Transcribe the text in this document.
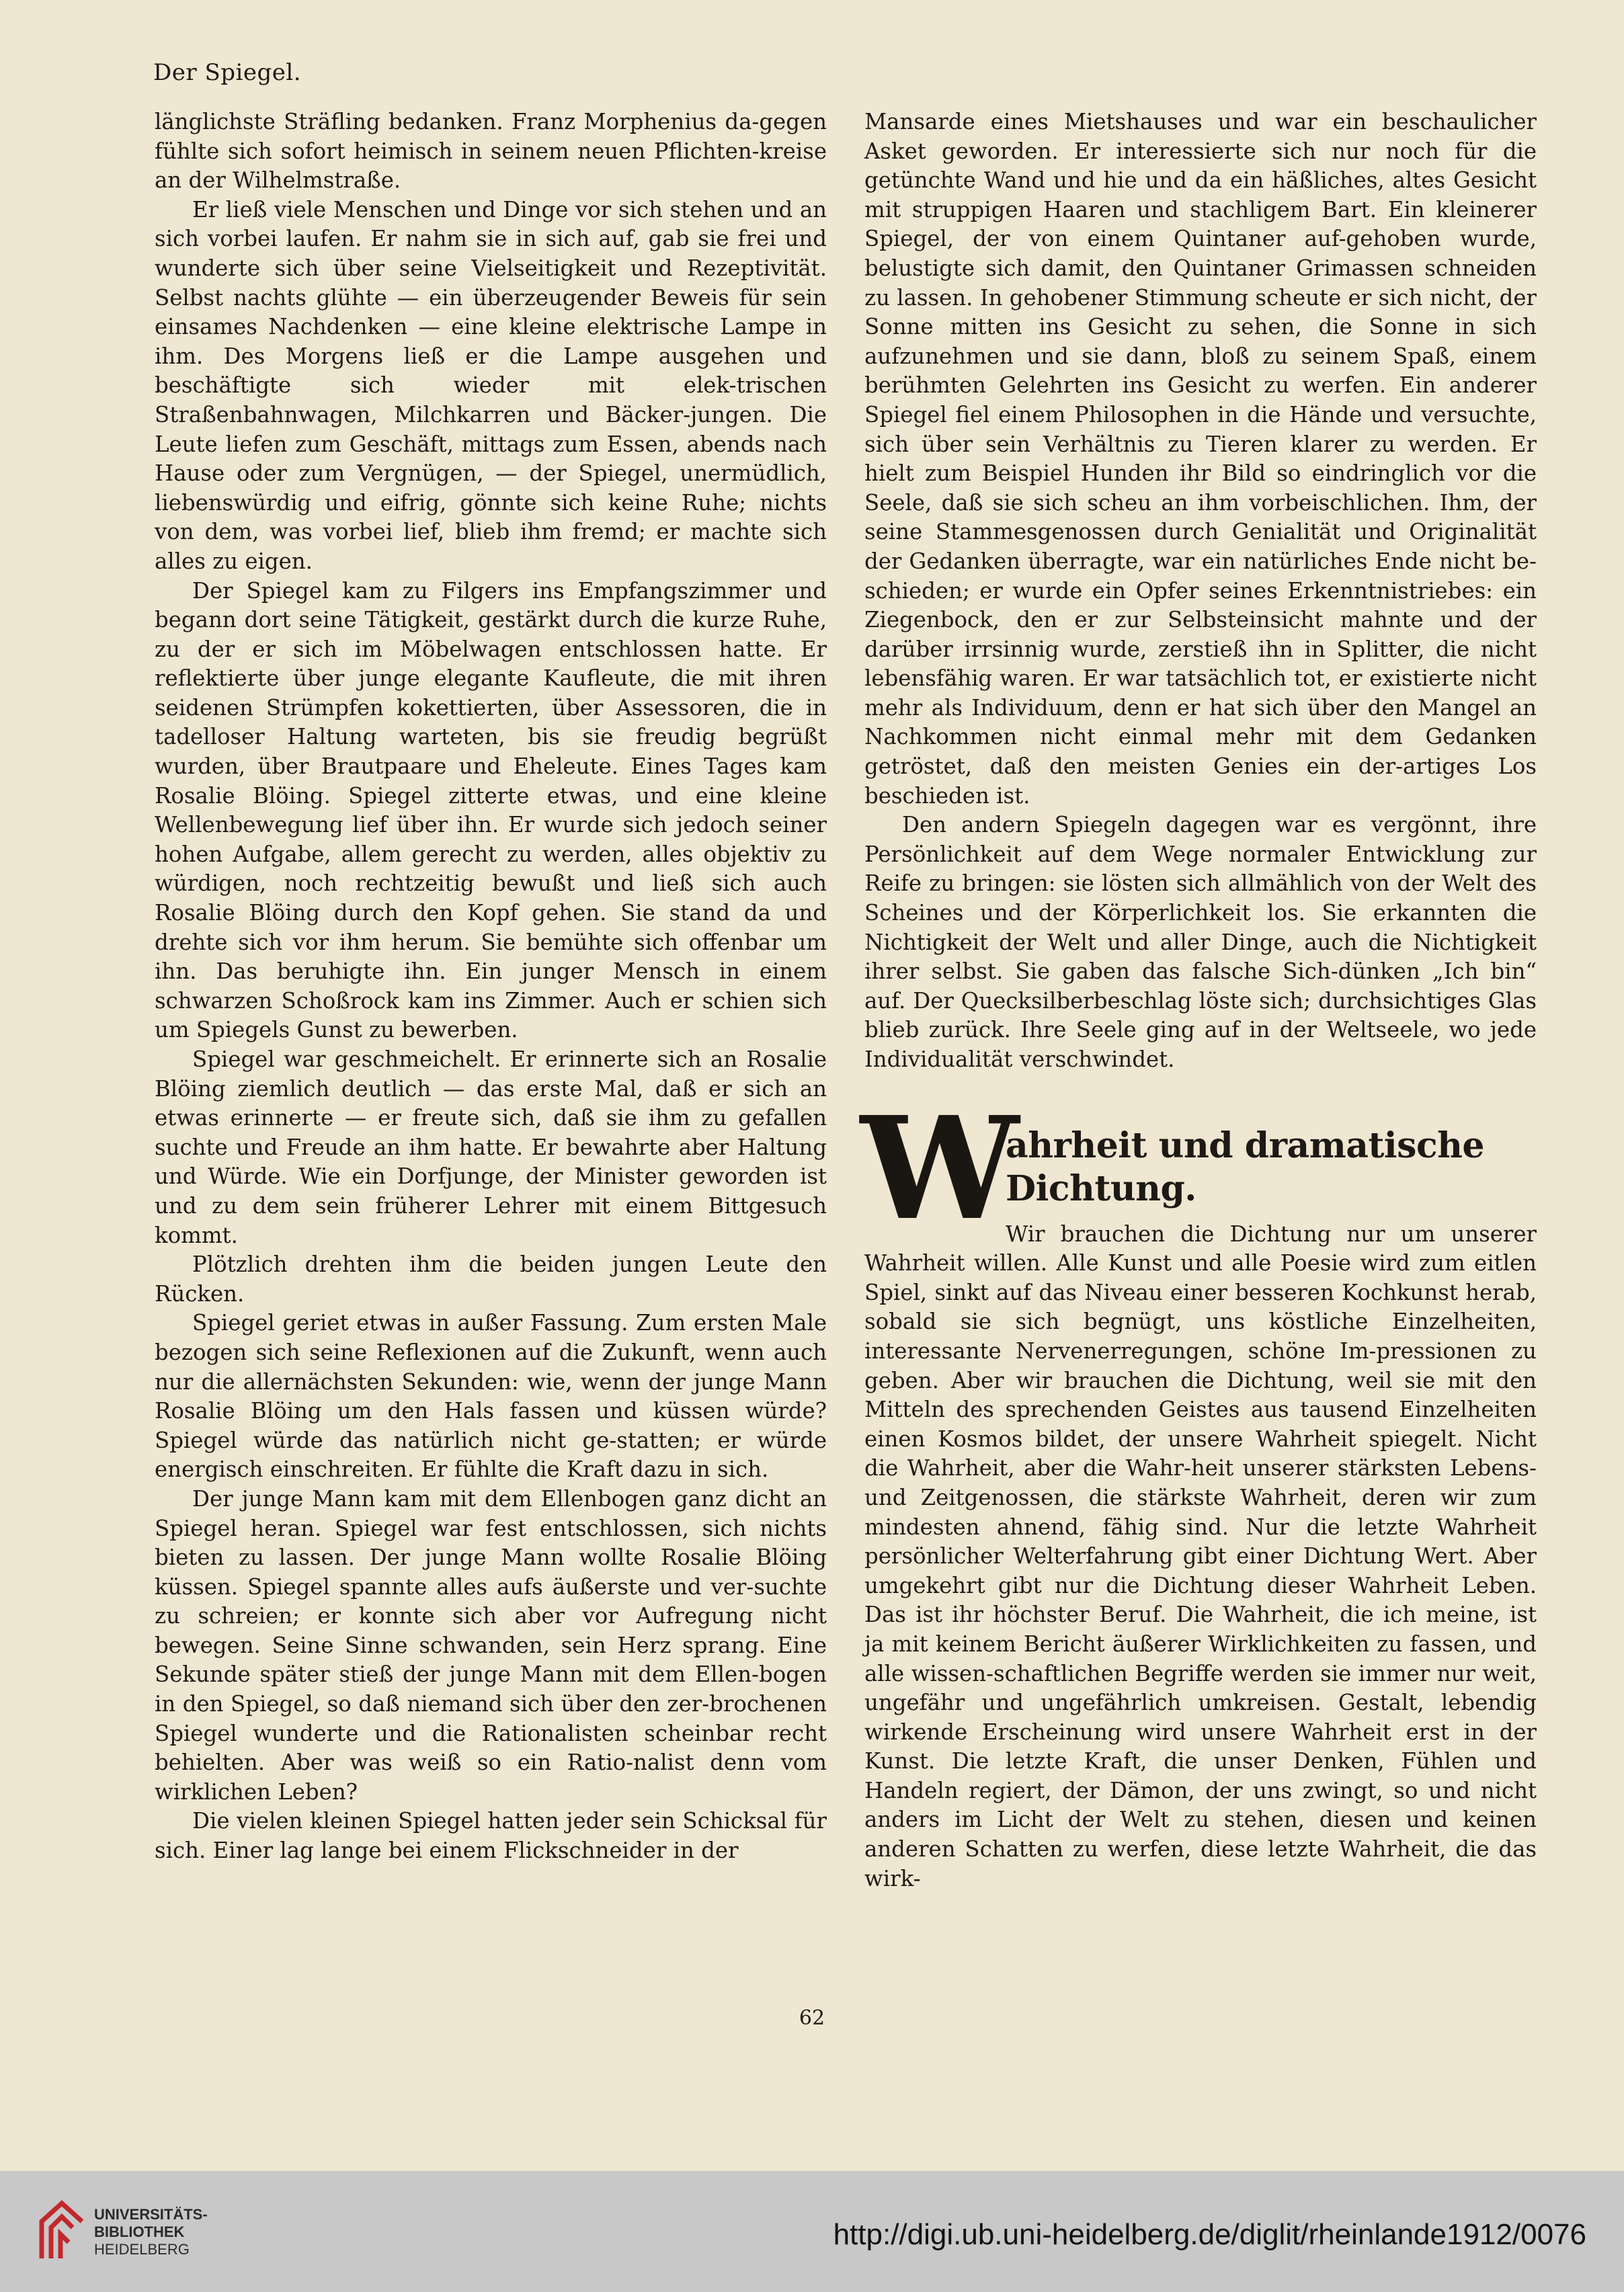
Der Spiegel.

länglichste Sträfling bedanken. Franz Morphenius da-gegen fühlte sich sofort heimisch in seinem neuen Pflichten-kreise an der Wilhelmstraße.

Er ließ viele Menschen und Dinge vor sich stehen und an sich vorbei laufen. Er nahm sie in sich auf, gab sie frei und wunderte sich über seine Vielseitigkeit und Rezeptivität. Selbst nachts glühte — ein überzeugender Beweis für sein einsames Nachdenken — eine kleine elektrische Lampe in ihm. Des Morgens ließ er die Lampe ausgehen und beschäftigte sich wieder mit elek-trischen Straßenbahnwagen, Milchkarren und Bäcker-jungen. Die Leute liefen zum Geschäft, mittags zum Essen, abends nach Hause oder zum Vergnügen, — der Spiegel, unermüdlich, liebenswürdig und eifrig, gönnte sich keine Ruhe; nichts von dem, was vorbei lief, blieb ihm fremd; er machte sich alles zu eigen.

Der Spiegel kam zu Filgers ins Empfangszimmer und begann dort seine Tätigkeit, gestärkt durch die kurze Ruhe, zu der er sich im Möbelwagen entschlossen hatte. Er reflektierte über junge elegante Kaufleute, die mit ihren seidenen Strümpfen kokettierten, über Assessoren, die in tadelloser Haltung warteten, bis sie freudig begrüßt wurden, über Brautpaare und Eheleute. Eines Tages kam Rosalie Blöing. Spiegel zitterte etwas, und eine kleine Wellenbewegung lief über ihn. Er wurde sich jedoch seiner hohen Aufgabe, allem gerecht zu werden, alles objektiv zu würdigen, noch rechtzeitig bewußt und ließ sich auch Rosalie Blöing durch den Kopf gehen. Sie stand da und drehte sich vor ihm herum. Sie bemühte sich offenbar um ihn. Das beruhigte ihn. Ein junger Mensch in einem schwarzen Schoßrock kam ins Zimmer. Auch er schien sich um Spiegels Gunst zu bewerben.

Spiegel war geschmeichelt. Er erinnerte sich an Rosalie Blöing ziemlich deutlich — das erste Mal, daß er sich an etwas erinnerte — er freute sich, daß sie ihm zu gefallen suchte und Freude an ihm hatte. Er bewahrte aber Haltung und Würde. Wie ein Dorfjunge, der Minister geworden ist und zu dem sein früherer Lehrer mit einem Bittgesuch kommt.

Plötzlich drehten ihm die beiden jungen Leute den Rücken.

Spiegel geriet etwas in außer Fassung. Zum ersten Male bezogen sich seine Reflexionen auf die Zukunft, wenn auch nur die allernächsten Sekunden: wie, wenn der junge Mann Rosalie Blöing um den Hals fassen und küssen würde? Spiegel würde das natürlich nicht ge-statten; er würde energisch einschreiten. Er fühlte die Kraft dazu in sich.

Der junge Mann kam mit dem Ellenbogen ganz dicht an Spiegel heran. Spiegel war fest entschlossen, sich nichts bieten zu lassen. Der junge Mann wollte Rosalie Blöing küssen. Spiegel spannte alles aufs äußerste und ver-suchte zu schreien; er konnte sich aber vor Aufregung nicht bewegen. Seine Sinne schwanden, sein Herz sprang. Eine Sekunde später stieß der junge Mann mit dem Ellen-bogen in den Spiegel, so daß niemand sich über den zer-brochenen Spiegel wunderte und die Rationalisten scheinbar recht behielten. Aber was weiß so ein Ratio-nalist denn vom wirklichen Leben?

Die vielen kleinen Spiegel hatten jeder sein Schicksal für sich. Einer lag lange bei einem Flickschneider in der

Mansarde eines Mietshauses und war ein beschaulicher Asket geworden. Er interessierte sich nur noch für die getünchte Wand und hie und da ein häßliches, altes Gesicht mit struppigen Haaren und stachligem Bart. Ein kleinerer Spiegel, der von einem Quintaner auf-gehoben wurde, belustigte sich damit, den Quintaner Grimassen schneiden zu lassen. In gehobener Stimmung scheute er sich nicht, der Sonne mitten ins Gesicht zu sehen, die Sonne in sich aufzunehmen und sie dann, bloß zu seinem Spaß, einem berühmten Gelehrten ins Gesicht zu werfen. Ein anderer Spiegel fiel einem Philosophen in die Hände und versuchte, sich über sein Verhältnis zu Tieren klarer zu werden. Er hielt zum Beispiel Hunden ihr Bild so eindringlich vor die Seele, daß sie sich scheu an ihm vorbeischlichen. Ihm, der seine Stammesgenossen durch Genialität und Originalität der Gedanken überragte, war ein natürliches Ende nicht be-schieden; er wurde ein Opfer seines Erkenntnistriebes: ein Ziegenbock, den er zur Selbsteinsicht mahnte und der darüber irrsinnig wurde, zerstieß ihn in Splitter, die nicht lebensfähig waren. Er war tatsächlich tot, er existierte nicht mehr als Individuum, denn er hat sich über den Mangel an Nachkommen nicht einmal mehr mit dem Gedanken getröstet, daß den meisten Genies ein der-artiges Los beschieden ist.

Den andern Spiegeln dagegen war es vergönnt, ihre Persönlichkeit auf dem Wege normaler Entwicklung zur Reife zu bringen: sie lösten sich allmählich von der Welt des Scheines und der Körperlichkeit los. Sie erkannten die Nichtigkeit der Welt und aller Dinge, auch die Nichtigkeit ihrer selbst. Sie gaben das falsche Sich-dünken „Ich bin“ auf. Der Quecksilberbeschlag löste sich; durchsichtiges Glas blieb zurück. Ihre Seele ging auf in der Weltseele, wo jede Individualität verschwindet.

W
ahrheit und dramatische Dichtung.

Wir brauchen die Dichtung nur um unserer Wahrheit willen. Alle Kunst und alle Poesie wird zum eitlen Spiel, sinkt auf das Niveau einer besseren Kochkunst herab, sobald sie sich begnügt, uns köstliche Einzelheiten, interessante Nervenerregungen, schöne Im-pressionen zu geben. Aber wir brauchen die Dichtung, weil sie mit den Mitteln des sprechenden Geistes aus tausend Einzelheiten einen Kosmos bildet, der unsere Wahrheit spiegelt. Nicht die Wahrheit, aber die Wahr-heit unserer stärksten Lebens- und Zeitgenossen, die stärkste Wahrheit, deren wir zum mindesten ahnend, fähig sind. Nur die letzte Wahrheit persönlicher Welterfahrung gibt einer Dichtung Wert. Aber umgekehrt gibt nur die Dichtung dieser Wahrheit Leben. Das ist ihr höchster Beruf. Die Wahrheit, die ich meine, ist ja mit keinem Bericht äußerer Wirklichkeiten zu fassen, und alle wissen-schaftlichen Begriffe werden sie immer nur weit, ungefähr und ungefährlich umkreisen. Gestalt, lebendig wirkende Erscheinung wird unsere Wahrheit erst in der Kunst. Die letzte Kraft, die unser Denken, Fühlen und Handeln regiert, der Dämon, der uns zwingt, so und nicht anders im Licht der Welt zu stehen, diesen und keinen anderen Schatten zu werfen, diese letzte Wahrheit, die das wirk-

62
UNIVERSITÄTS-
BIBLIOTHEK
HEIDELBERG	http://digi.ub.uni-heidelberg.de/diglit/rheinlande1912/0076
